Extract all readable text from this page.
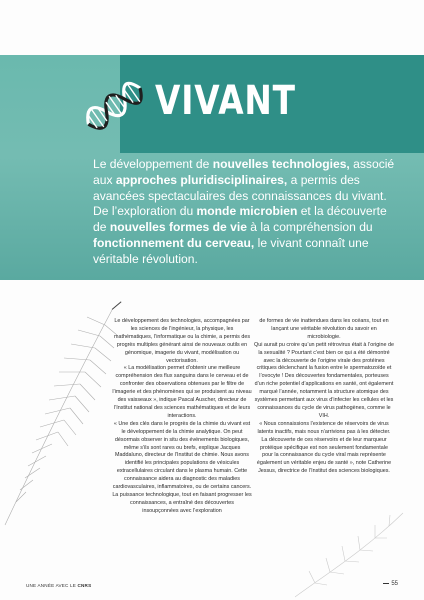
VIVANT

Le développement de nouvelles technologies, associé aux approches pluridisciplinaires, a permis des avancées spectaculaires des connaissances du vivant. De l’exploration du monde microbien et la découverte de nouvelles formes de vie à la compréhension du fonctionnement du cerveau, le vivant connaît une véritable révolution.

Le développement des technologies, accompagnées par les sciences de l’ingénieur, la physique, les mathématiques, l’informatique ou la chimie, a permis des progrès multiples générant ainsi de nouveaux outils en génomique, imagerie du vivant, modélisation ou vectorisation.

« La modélisation permet d’obtenir une meilleure compréhension des flux sanguins dans le cerveau et de confronter des observations obtenues par le filtre de l’imagerie et des phénomènes qui se produisent au niveau des vaisseaux », indique Pascal Auscher, directeur de l’Institut national des sciences mathématiques et de leurs interactions.

« Une des clés dans le progrès de la chimie du vivant est le développement de la chimie analytique. On peut désormais observer in situ des événements biologiques, même s’ils sont rares ou brefs, explique Jacques Maddaluno, directeur de l’Institut de chimie. Nous avons identifié les principales populations de vésicules extracellulaires circulant dans le plasma humain. Cette connaissance aidera au diagnostic des maladies cardiovasculaires, inflammatoires, ou de certains cancers.

La puissance technologique, tout en faisant progresser les connaissances, a entraîné des découvertes insoupçonnées avec l’exploration

de formes de vie inattendues dans les océans, tout en lançant une véritable révolution du savoir en microbiologie.

Qui aurait pu croire qu’un petit rétrovirus était à l’origine de la sexualité ? Pourtant c’est bien ce qui a été démontré avec la découverte de l’origine virale des protéines critiques déclenchant la fusion entre le spermatozoïde et l’ovocyte ! Des découvertes fondamentales, porteuses d’un riche potentiel d’applications en santé, ont également marqué l’année, notamment la structure atomique des systèmes permettant aux virus d’infecter les cellules et les connaissances du cycle de virus pathogènes, comme le VIH.

« Nous connaissions l’existence de réservoirs de virus latents inactifs, mais nous n’arrivions pas à les détecter. La découverte de ces réservoirs et de leur marqueur protéique spécifique est non seulement fondamentale pour la connaissance du cycle viral mais représente également un véritable enjeu de santé », note Catherine Jessus, directrice de l’Institut des sciences biologiques.

UNE ANNÉE AVEC LE CNRS	55
